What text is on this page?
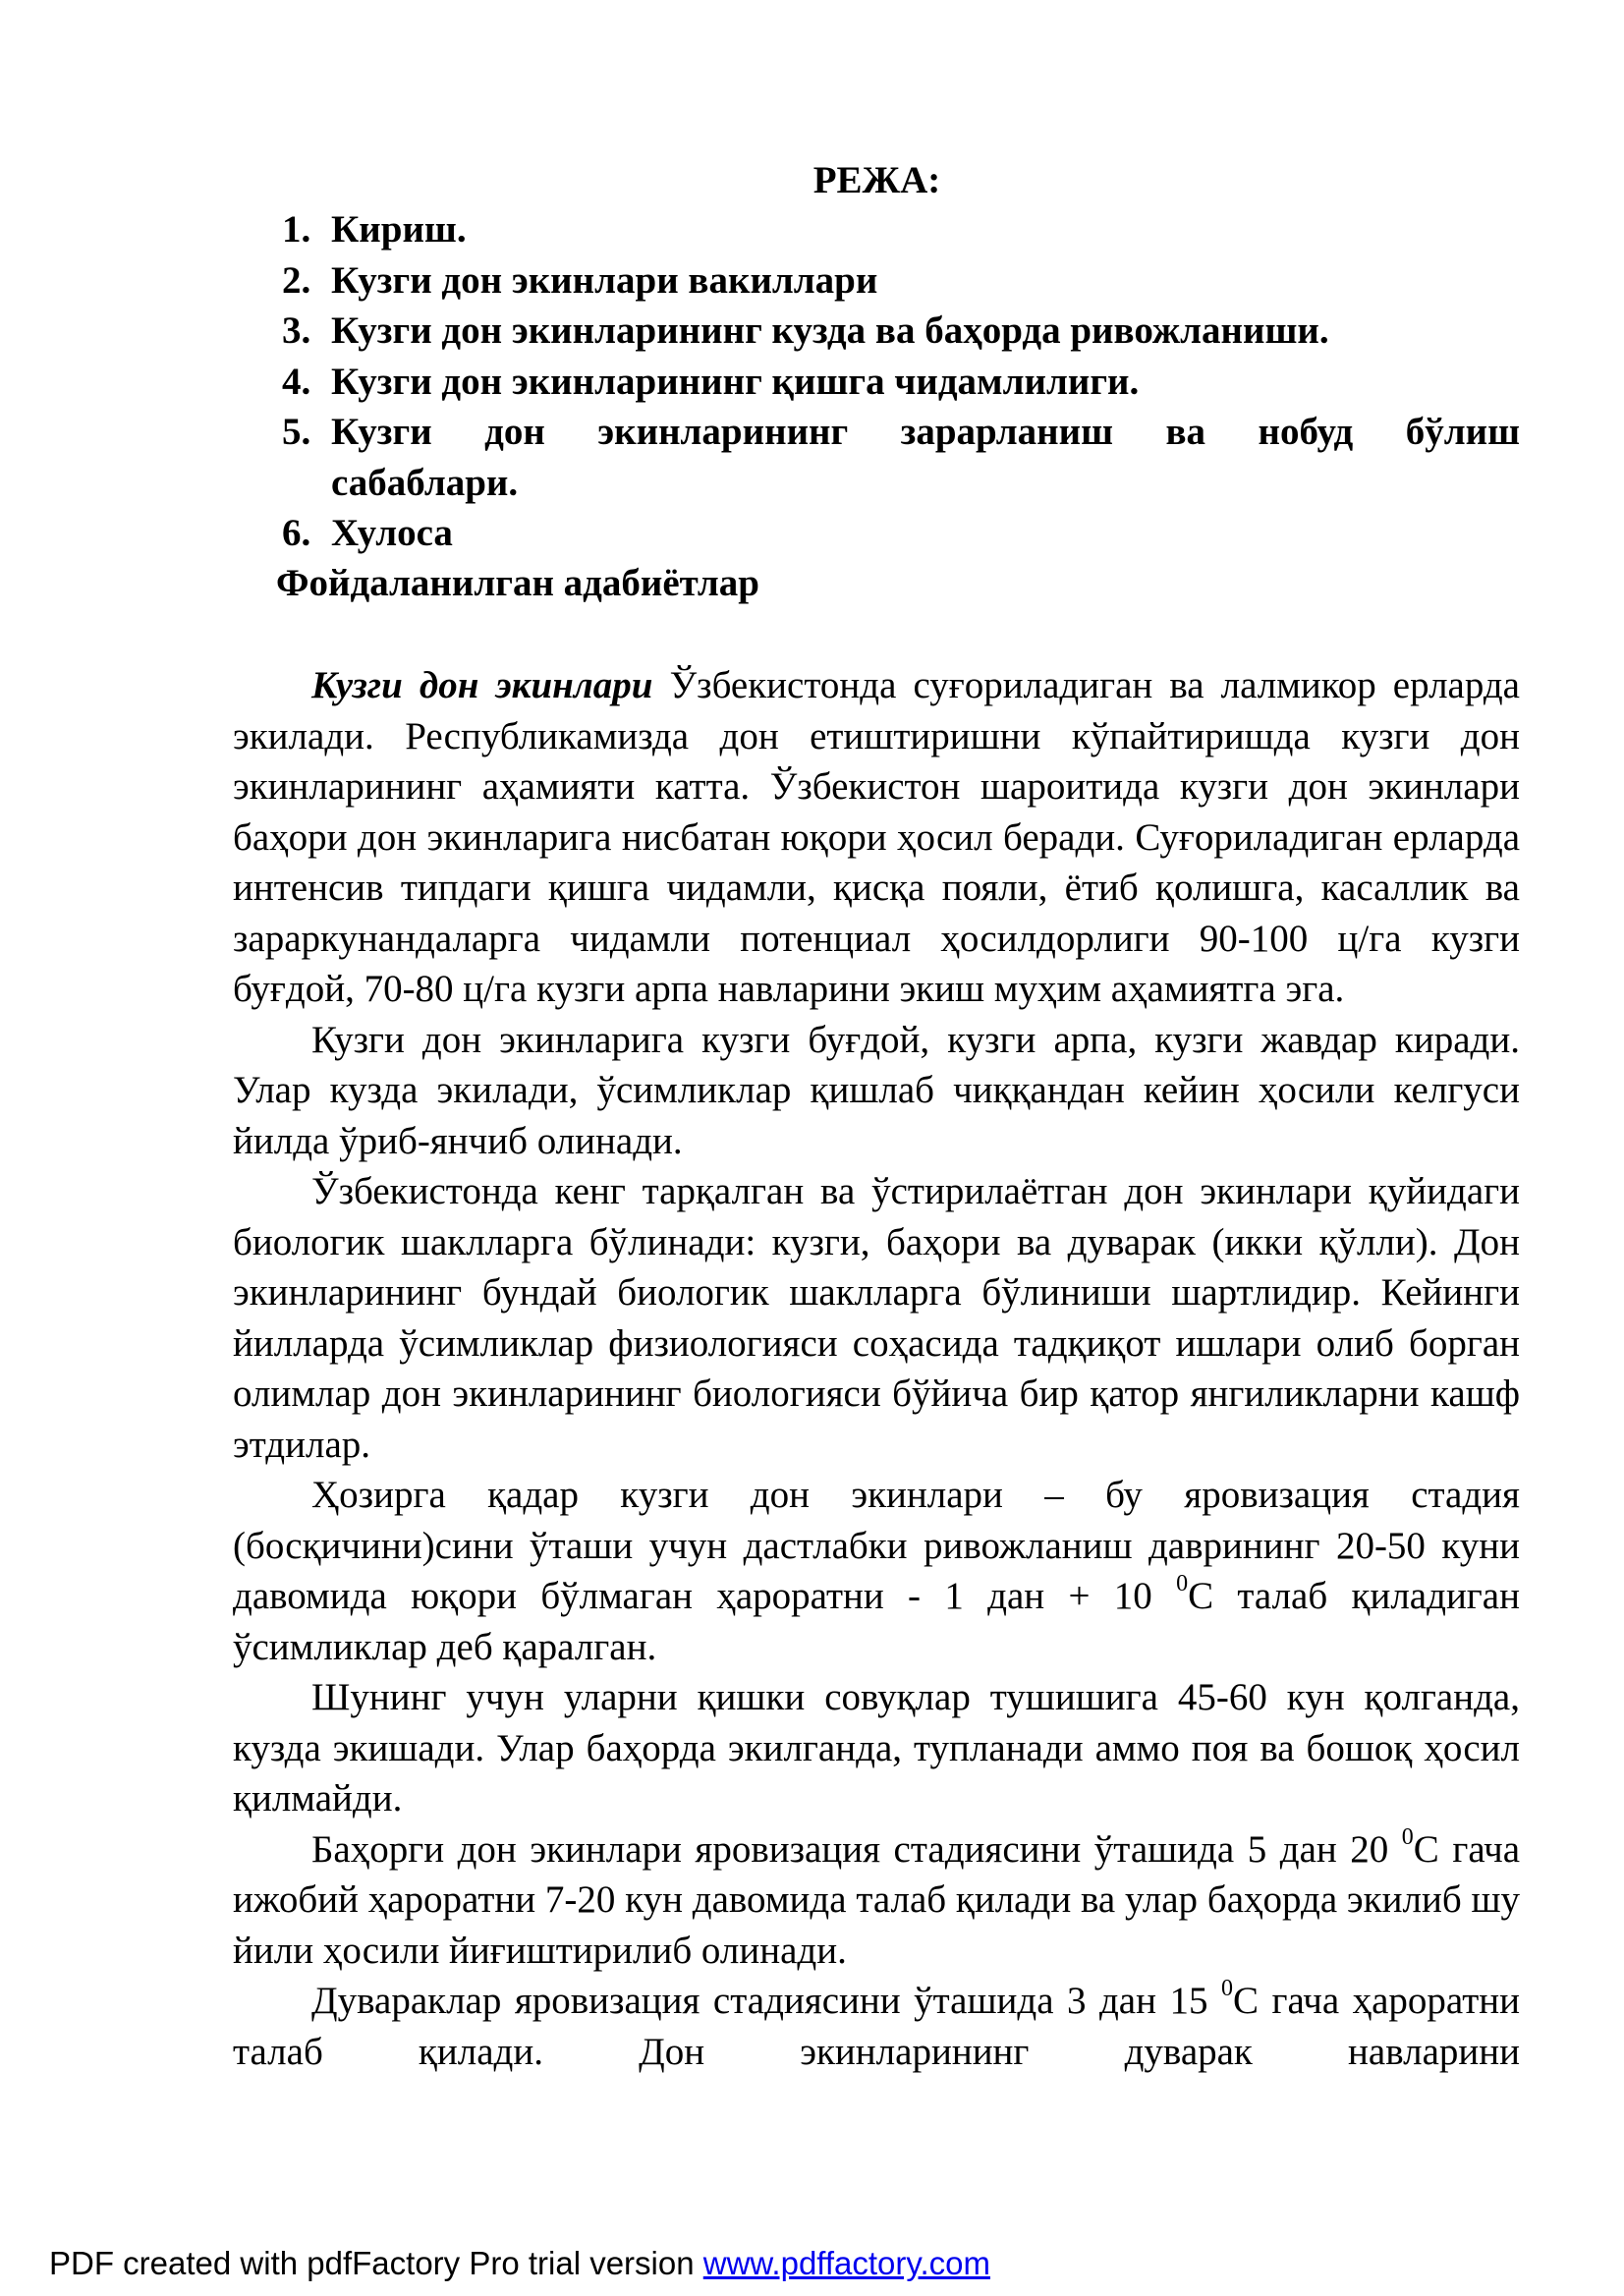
РЕЖА:
1. Кириш.
2. Кузги дон экинлари вакиллари
3. Кузги дон экинларининг кузда ва баҳорда ривожланиши.
4. Кузги дон экинларининг қишга чидамлилиги.
5. Кузги дон экинларининг зарарланиш ва нобуд бўлиш
сабаблари.
6. Хулоса

Фойдаланилган адабиётлар

Кузги дон экинлари Ўзбекистонда суғориладиган ва лалмикор ерларда экилади. Республикамизда дон етиштиришни кўпайтиришда кузги дон экинларининг аҳамияти катта. Ўзбекистон шароитида кузги дон экинлари баҳори дон экинларига нисбатан юқори ҳосил беради. Суғориладиган ерларда интенсив типдаги қишга чидамли, қисқа пояли, ётиб қолишга, касаллик ва зараркунандаларга чидамли потенциал ҳосилдорлиги 90-100 ц/га кузги буғдой, 70-80 ц/га кузги арпа навларини экиш муҳим аҳамиятга эга.

Кузги дон экинларига кузги буғдой, кузги арпа, кузги жавдар киради. Улар кузда экилади, ўсимликлар қишлаб чиққандан кейин ҳосили келгуси йилда ўриб-янчиб олинади.

Ўзбекистонда кенг тарқалган ва ўстирилаётган дон экинлари қуйидаги биологик шаклларга бўлинади: кузги, баҳори ва дуварак (икки қўлли). Дон экинларининг бундай биологик шаклларга бўлиниши шартлидир. Кейинги йилларда ўсимликлар физиологияси соҳасида тадқиқот ишлари олиб борган олимлар дон экинларининг биологияси бўйича бир қатор янгиликларни кашф этдилар.

Ҳозирга қадар кузги дон экинлари – бу яровизация стадия (босқичини)сини ўташи учун дастлабки ривожланиш даврининг 20-50 куни давомида юқори бўлмаган ҳароратни - 1 дан + 10 $^0$С талаб қиладиган ўсимликлар деб қаралган.

Шунинг учун уларни қишки совуқлар тушишига 45-60 кун қолганда, кузда экишади. Улар баҳорда экилганда, тупланади аммо поя ва бошоқ ҳосил қилмайди.

Баҳорги дон экинлари яровизация стадиясини ўташида 5 дан 20 $^0$С гача ижобий ҳароратни 7-20 кун давомида талаб қилади ва улар баҳорда экилиб шу йили ҳосили йиғиштирилиб олинади.

Дувараклар яровизация стадиясини ўташида 3 дан 15 $^0$С гача ҳароратни талаб қилади. Дон экинларининг дуварак навларини

PDF created with pdfFactory Pro trial version www.pdffactory.com
